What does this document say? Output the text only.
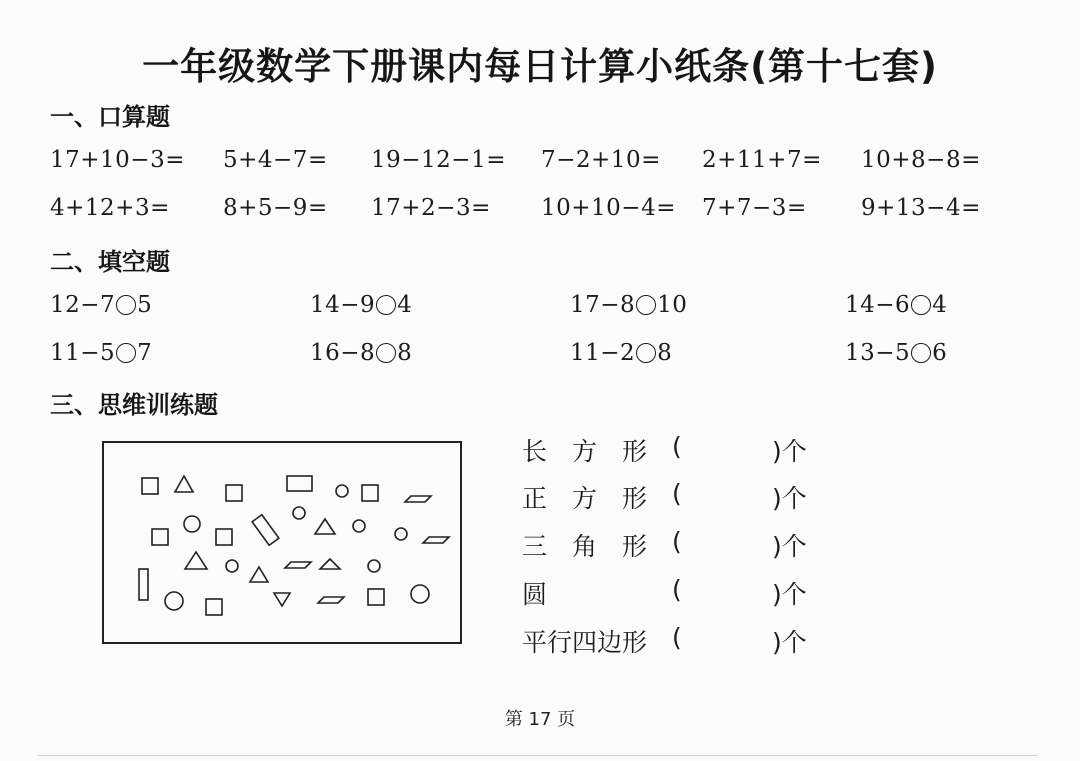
一年级数学下册课内每日计算小纸条(第十七套)
一、口算题
17+10−3= 5+4−7= 19−12−1= 7−2+10= 2+11+7= 10+8−8=
4+12+3= 8+5−9= 17+2−3= 10+10−4= 7+7−3= 9+13−4=
二、填空题
12−7 5	14−9 4	17−8 10	14−6 4
11−5 7	16−8 8	11−2 8	13−5 6
三、思维训练题
长　方　形 (	)个
正　方　形 (	)个
三　角　形 (	)个
圆	(	)个
平行四边形 (	)个
第 17 页
